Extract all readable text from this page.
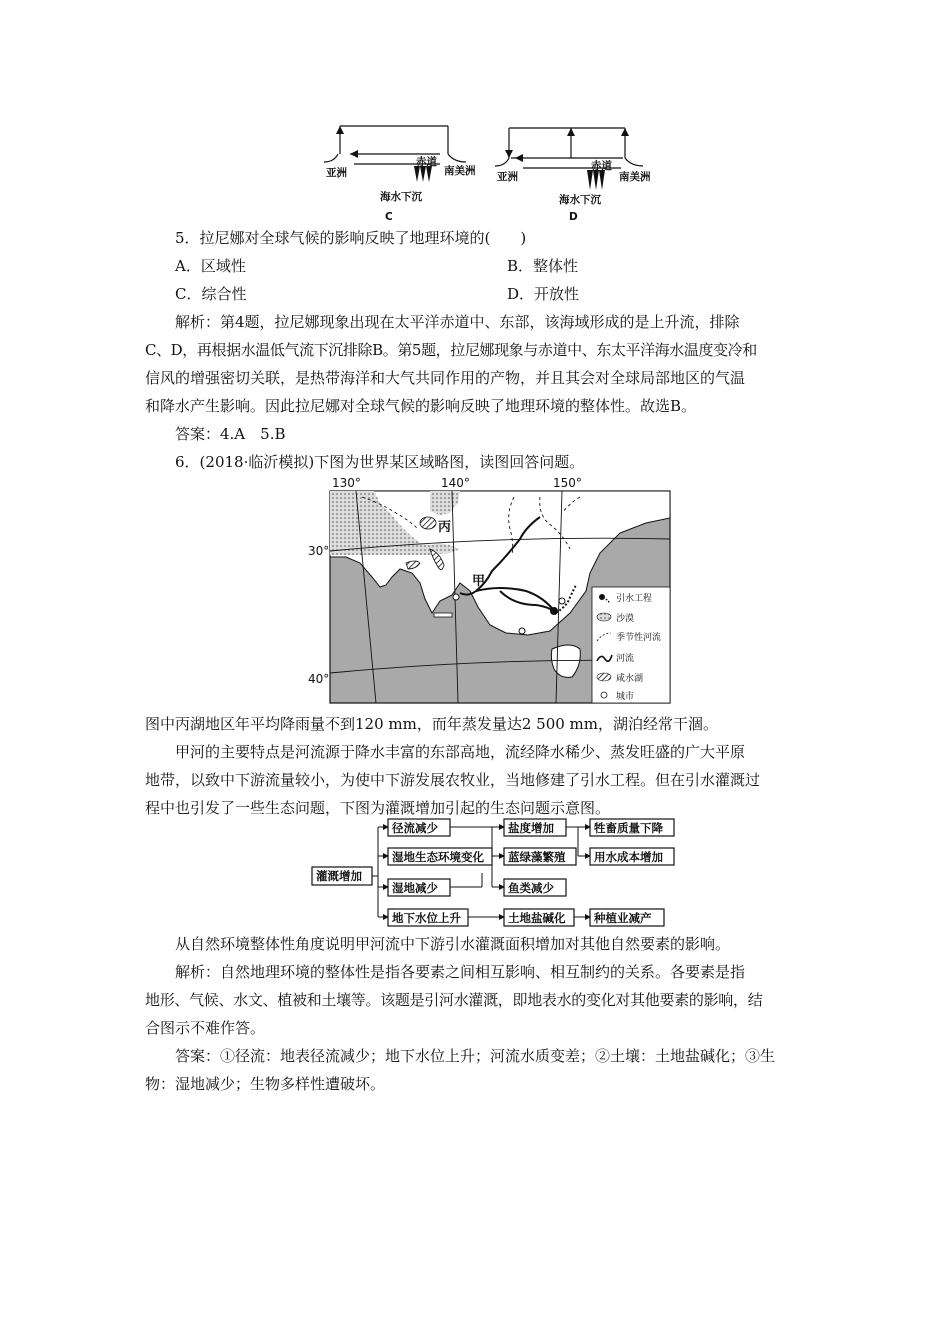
亚洲
赤道
南美洲
海水下沉
C
亚洲
赤道
南美洲
海水下沉
D
5．拉尼娜对全球气候的影响反映了地理环境的(　　)
A．区域性	B．整体性
C．综合性	D．开放性
解析：第4题，拉尼娜现象出现在太平洋赤道中、东部，该海域形成的是上升流，排除
C、D，再根据水温低气流下沉排除B。第5题，拉尼娜现象与赤道中、东太平洋海水温度变冷和
信风的增强密切关联，是热带海洋和大气共同作用的产物，并且其会对全球局部地区的气温
和降水产生影响。因此拉尼娜对全球气候的影响反映了地理环境的整体性。故选B。
答案：4.A　5.B
6．(2018·临沂模拟)下图为世界某区域略图，读图回答问题。
130°	140°	150°
30°
40°
丙
甲
引水工程
沙漠
季节性河流
河流
咸水湖
城市
图中丙湖地区年平均降雨量不到120 mm，而年蒸发量达2 500 mm，湖泊经常干涸。
　　甲河的主要特点是河流源于降水丰富的东部高地，流经降水稀少、蒸发旺盛的广大平原
地带，以致中下游流量较小，为使中下游发展农牧业，当地修建了引水工程。但在引水灌溉过
程中也引发了一些生态问题，下图为灌溉增加引起的生态问题示意图。
灌溉增加
径流减少
湿地生态环境变化
湿地减少
地下水位上升
盐度增加
蓝绿藻繁殖
鱼类减少
土地盐碱化
牲畜质量下降
用水成本增加
种植业减产
从自然环境整体性角度说明甲河流中下游引水灌溉面积增加对其他自然要素的影响。
　　解析：自然地理环境的整体性是指各要素之间相互影响、相互制约的关系。各要素是指
地形、气候、水文、植被和土壤等。该题是引河水灌溉，即地表水的变化对其他要素的影响，结
合图示不难作答。
　　答案：①径流：地表径流减少；地下水位上升；河流水质变差；②土壤：土地盐碱化；③生
物：湿地减少；生物多样性遭破坏。
